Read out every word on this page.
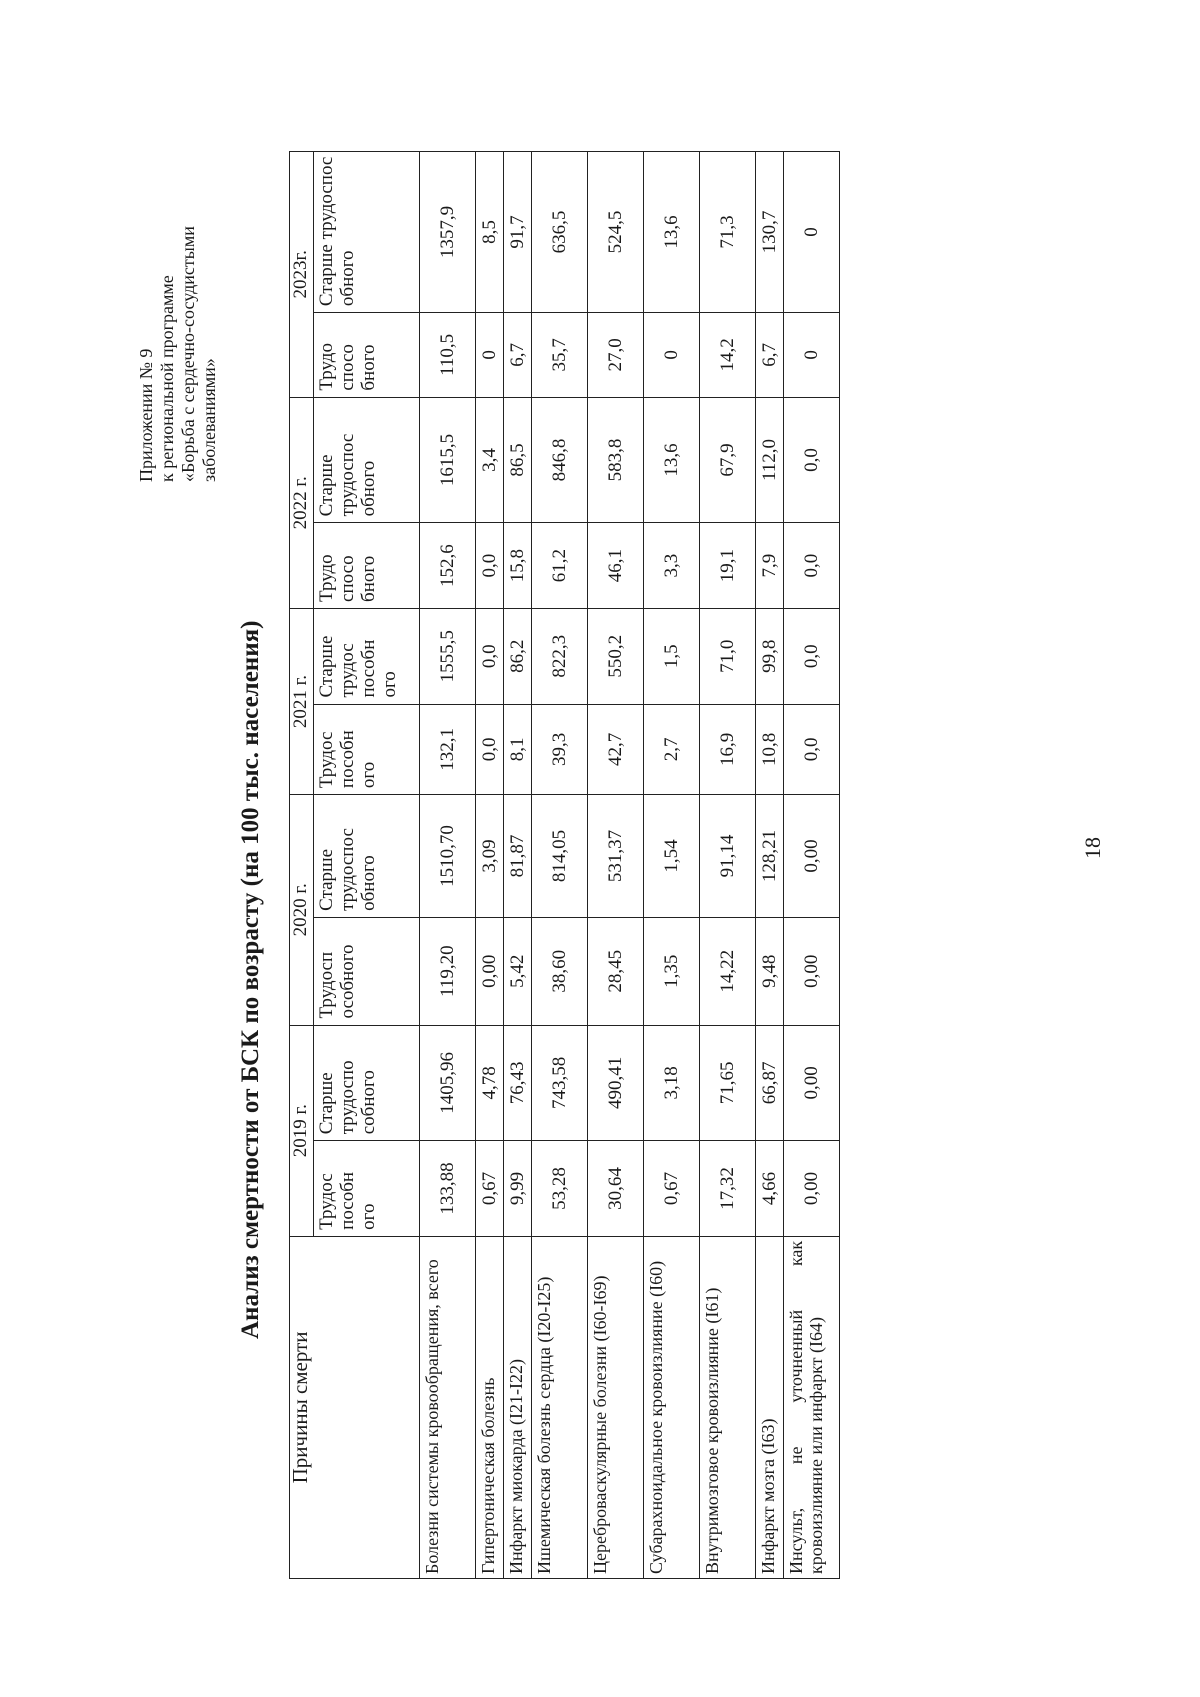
Приложении № 9 к региональной программе «Борьба с сердечно-сосудистыми заболеваниями»
Анализ смертности от БСК по возрасту (на 100 тыс. населения)
Причины смерти	2019 г.		2020 г.		2021 г.		2022 г.		2023г.	
	Трудос пособн ого	Старше трудоспо собного	Трудосп особного	Старше трудоспос обного	Трудос пособн ого	Старше трудос пособн ого	Трудо спосо бного	Старше трудоспос обного	Трудо спосо бного	Старше трудоспос обного
Болезни системы кровообращения, всего	133,88	1405,96	119,20	1510,70	132,1	1555,5	152,6	1615,5	110,5	1357,9
Гипертоническая болезнь	0,67	4,78	0,00	3,09	0,0	0,0	0,0	3,4	0	8,5
Инфаркт миокарда (I21-I22)	9,99	76,43	5,42	81,87	8,1	86,2	15,8	86,5	6,7	91,7
Ишемическая болезнь сердца (I20-I25)	53,28	743,58	38,60	814,05	39,3	822,3	61,2	846,8	35,7	636,5
Цереброваскулярные болезни (I60-I69)	30,64	490,41	28,45	531,37	42,7	550,2	46,1	583,8	27,0	524,5
Субарахноидальное кровоизлияние (I60)	0,67	3,18	1,35	1,54	2,7	1,5	3,3	13,6	0	13,6
Внутримозговое кровоизлияние (I61)	17,32	71,65	14,22	91,14	16,9	71,0	19,1	67,9	14,2	71,3
Инфаркт мозга (I63)	4,66	66,87	9,48	128,21	10,8	99,8	7,9	112,0	6,7	130,7
Инсульт, не уточненный как кровоизлияние или инфаркт (I64)	0,00	0,00	0,00	0,00	0,0	0,0	0,0	0,0	0	0
18
